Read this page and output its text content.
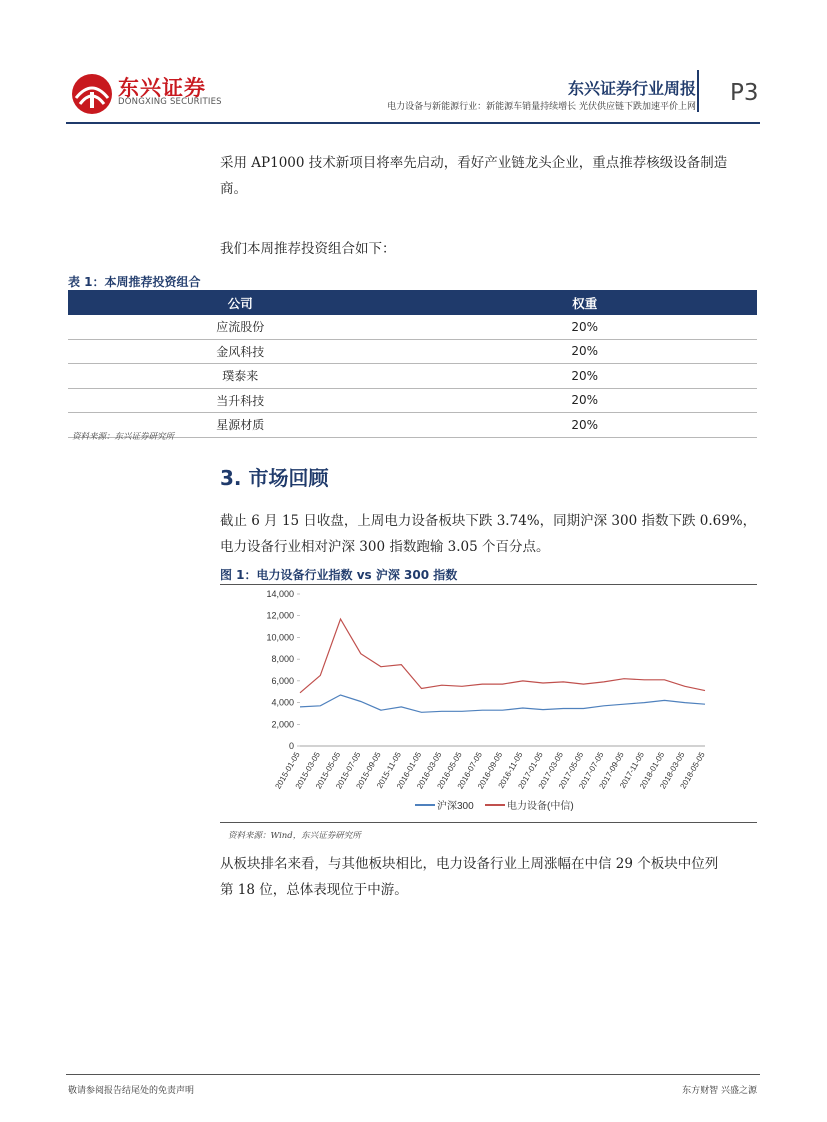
东兴证券
DONGXING SECURITIES
东兴证券行业周报
电力设备与新能源行业：新能源车销量持续增长 光伏供应链下跌加速平价上网
P3
采用 AP1000 技术新项目将率先启动，看好产业链龙头企业，重点推荐核级设备制造
商。
我们本周推荐投资组合如下：
表 1：本周推荐投资组合
公司	权重
应流股份	20%
金风科技	20%
璞泰来	20%
当升科技	20%
星源材质	20%
资料来源：东兴证券研究所
3. 市场回顾
截止 6 月 15 日收盘，上周电力设备板块下跌 3.74%，同期沪深 300 指数下跌 0.69%，
电力设备行业相对沪深 300 指数跑输 3.05 个百分点。
图 1：电力设备行业指数 vs 沪深 300 指数
14,000
12,000
10,000
8,000
6,000
4,000
2,000
0
2015-01-05
2015-03-05
2015-05-05
2015-07-05
2015-09-05
2015-11-05
2016-01-05
2016-03-05
2016-05-05
2016-07-05
2016-09-05
2016-11-05
2017-01-05
2017-03-05
2017-05-05
2017-07-05
2017-09-05
2017-11-05
2018-01-05
2018-03-05
2018-05-05
沪深300	电力设备(中信)
资料来源：Wind，东兴证券研究所
从板块排名来看，与其他板块相比，电力设备行业上周涨幅在中信 29 个板块中位列
第 18 位，总体表现位于中游。
敬请参阅报告结尾处的免责声明	东方财智 兴盛之源
